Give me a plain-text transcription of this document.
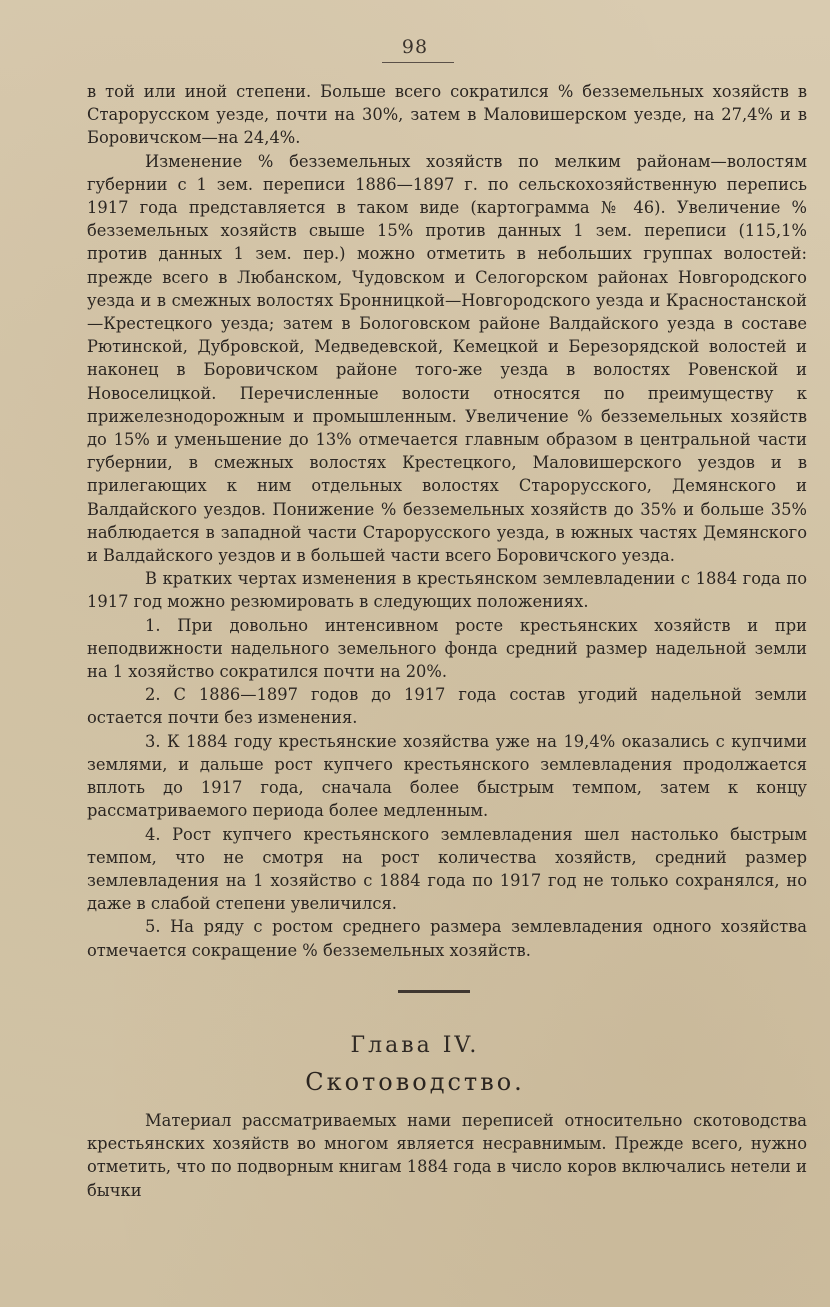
98

в той или иной степени. Больше всего сократился % безземельных хозяйств в Старорусском уезде, почти на 30%, затем в Маловишерском уезде, на 27,4% и в Боровичском—на 24,4%.

Изменение % безземельных хозяйств по мелким районам—волостям губернии с 1 зем. переписи 1886—1897 г. по сельскохозяйственную перепись 1917 года представляется в таком виде (картограмма № 46). Увеличение % безземельных хозяйств свыше 15% против данных 1 зем. переписи (115,1% против данных 1 зем. пер.) можно отметить в небольших группах волостей: прежде всего в Любанском, Чудовском и Селогорском районах Новгородского уезда и в смежных волостях Бронницкой—Новгородского уезда и Красностанской—Крестецкого уезда; затем в Бологовском районе Валдайского уезда в составе Рютинской, Дубровской, Медведевской, Кемецкой и Березорядской волостей и наконец в Боровичском районе того-же уезда в волостях Ровенской и Новоселицкой. Перечисленные волости относятся по преимуществу к прижелезнодорожным и промышленным. Увеличение % безземельных хозяйств до 15% и уменьшение до 13% отмечается главным образом в центральной части губернии, в смежных волостях Крестецкого, Маловишерского уездов и в прилегающих к ним отдельных волостях Старорусского, Демянского и Валдайского уездов. Понижение % безземельных хозяйств до 35% и больше 35% наблюдается в западной части Старорусского уезда, в южных частях Демянского и Валдайского уездов и в большей части всего Боровичского уезда.

В кратких чертах изменения в крестьянском землевладении с 1884 года по 1917 год можно резюмировать в следующих положениях.

1. При довольно интенсивном росте крестьянских хозяйств и при неподвижности надельного земельного фонда средний размер надельной земли на 1 хозяйство сократился почти на 20%.

2. С 1886—1897 годов до 1917 года состав угодий надельной земли остается почти без изменения.

3. К 1884 году крестьянские хозяйства уже на 19,4% оказались с купчими землями, и дальше рост купчего крестьянского землевладения продолжается вплоть до 1917 года, сначала более быстрым темпом, затем к концу рассматриваемого периода более медленным.

4. Рост купчего крестьянского землевладения шел настолько быстрым темпом, что не смотря на рост количества хозяйств, средний размер землевладения на 1 хозяйство с 1884 года по 1917 год не только сохранялся, но даже в слабой степени увеличился.

5. На ряду с ростом среднего размера землевладения одного хозяйства отмечается сокращение % безземельных хозяйств.

Глава IV.
Скотоводство.

Материал рассматриваемых нами переписей относительно скотоводства крестьянских хозяйств во многом является несравнимым. Прежде всего, нужно отметить, что по подворным книгам 1884 года в число коров включались нетели и бычки
